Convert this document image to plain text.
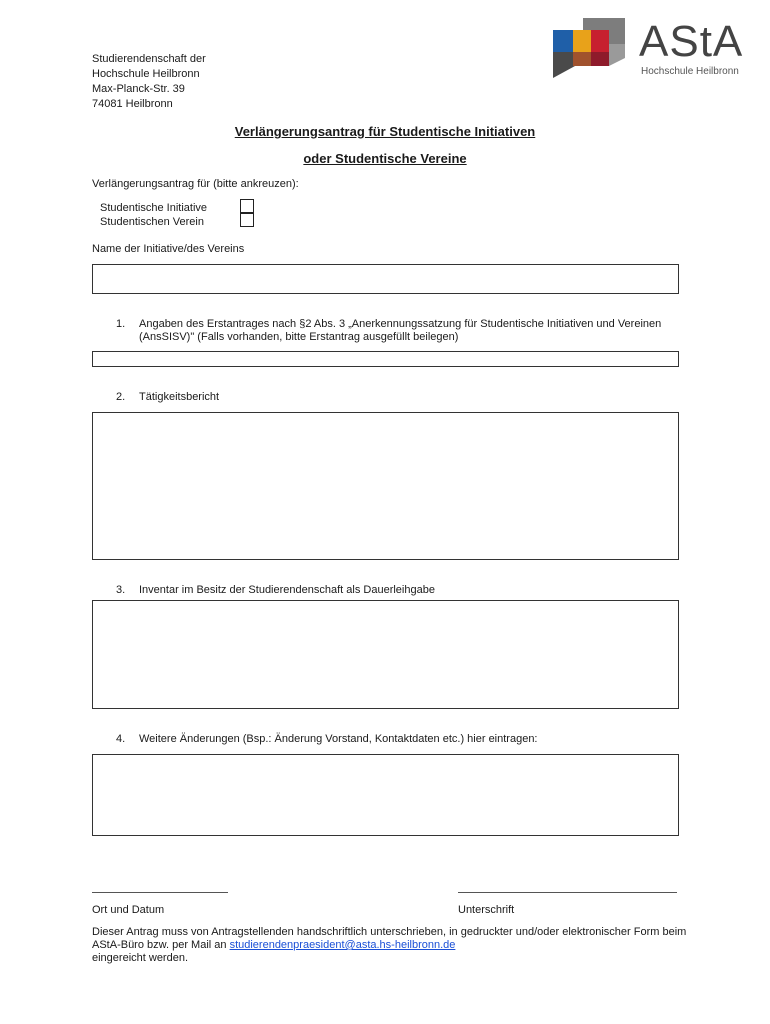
Studierendenschaft der
Hochschule Heilbronn
Max-Planck-Str. 39
74081 Heilbronn
AStA
Hochschule Heilbronn
Verlängerungsantrag für Studentische Initiativen
oder Studentische Vereine
Verlängerungsantrag für (bitte ankreuzen):
Studentische Initiative
Studentischen Verein
Name der Initiative/des Vereins
1. Angaben des Erstantrages nach §2 Abs. 3 „Anerkennungssatzung für Studentische Initiativen und Vereinen (AnsSISV)" (Falls vorhanden, bitte Erstantrag ausgefüllt beilegen)
2. Tätigkeitsbericht
3. Inventar im Besitz der Studierendenschaft als Dauerleihgabe
4. Weitere Änderungen (Bsp.: Änderung Vorstand, Kontaktdaten etc.) hier eintragen:
Ort und Datum	Unterschrift
Dieser Antrag muss von Antragstellenden handschriftlich unterschrieben, in gedruckter und/oder elektronischer Form beim AStA-Büro bzw. per Mail an studierendenpraesident@asta.hs-heilbronn.de
eingereicht werden.
